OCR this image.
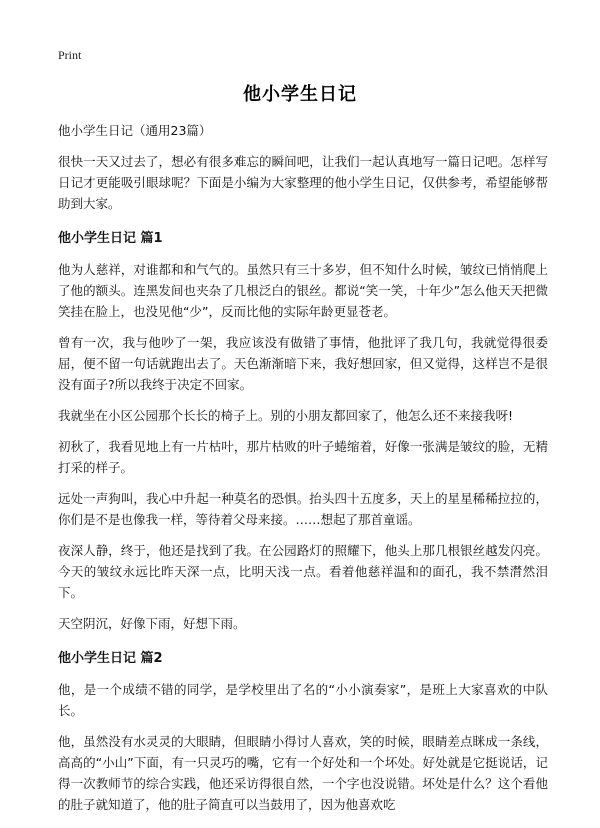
Print
他小学生日记

他小学生日记（通用23篇）

很快一天又过去了，想必有很多难忘的瞬间吧，让我们一起认真地写一篇日记吧。怎样写日记才更能吸引眼球呢？下面是小编为大家整理的他小学生日记，仅供参考，希望能够帮助到大家。

他小学生日记 篇1

他为人慈祥，对谁都和和气气的。虽然只有三十多岁，但不知什么时候，皱纹已悄悄爬上了他的额头。连黑发间也夹杂了几根泛白的银丝。都说“笑一笑，十年少”怎么他天天把微笑挂在脸上，也没见他“少”，反而比他的实际年龄更显苍老。

曾有一次，我与他吵了一架，我应该没有做错了事情，他批评了我几句，我就觉得很委屈，便不留一句话就跑出去了。天色渐渐暗下来，我好想回家，但又觉得，这样岂不是很没有面子?所以我终于决定不回家。

我就坐在小区公园那个长长的椅子上。别的小朋友都回家了，他怎么还不来接我呀!

初秋了，我看见地上有一片枯叶，那片枯败的叶子蜷缩着，好像一张满是皱纹的脸，无精打采的样子。

远处一声狗叫，我心中升起一种莫名的恐惧。抬头四十五度多，天上的星星稀稀拉拉的，你们是不是也像我一样，等待着父母来接。……想起了那首童谣。

夜深人静，终于，他还是找到了我。在公园路灯的照耀下，他头上那几根银丝越发闪亮。今天的皱纹永远比昨天深一点，比明天浅一点。看着他慈祥温和的面孔，我不禁潸然泪下。

天空阴沉，好像下雨，好想下雨。

他小学生日记 篇2

他，是一个成绩不错的同学，是学校里出了名的“小小演奏家”，是班上大家喜欢的中队长。

他，虽然没有水灵灵的大眼睛，但眼睛小得讨人喜欢，笑的时候，眼睛差点眯成一条线，高高的“小山”下面，有一只灵巧的嘴，它有一个好处和一个坏处。好处就是它挺说话，记得一次教师节的综合实践，他还采访得很自然，一个字也没说错。坏处是什么？这个看他的肚子就知道了，他的肚子简直可以当鼓用了，因为他喜欢吃
